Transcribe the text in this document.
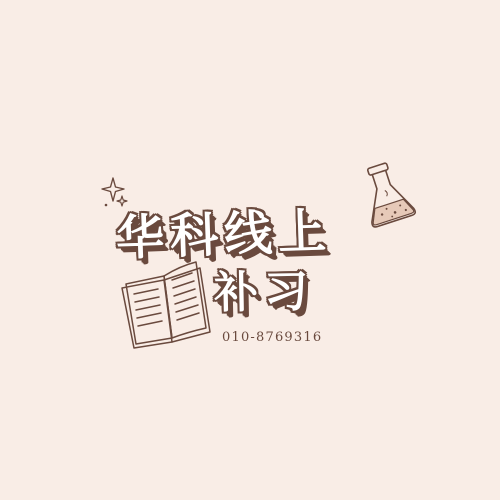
华科线上
补习
010-8769316
